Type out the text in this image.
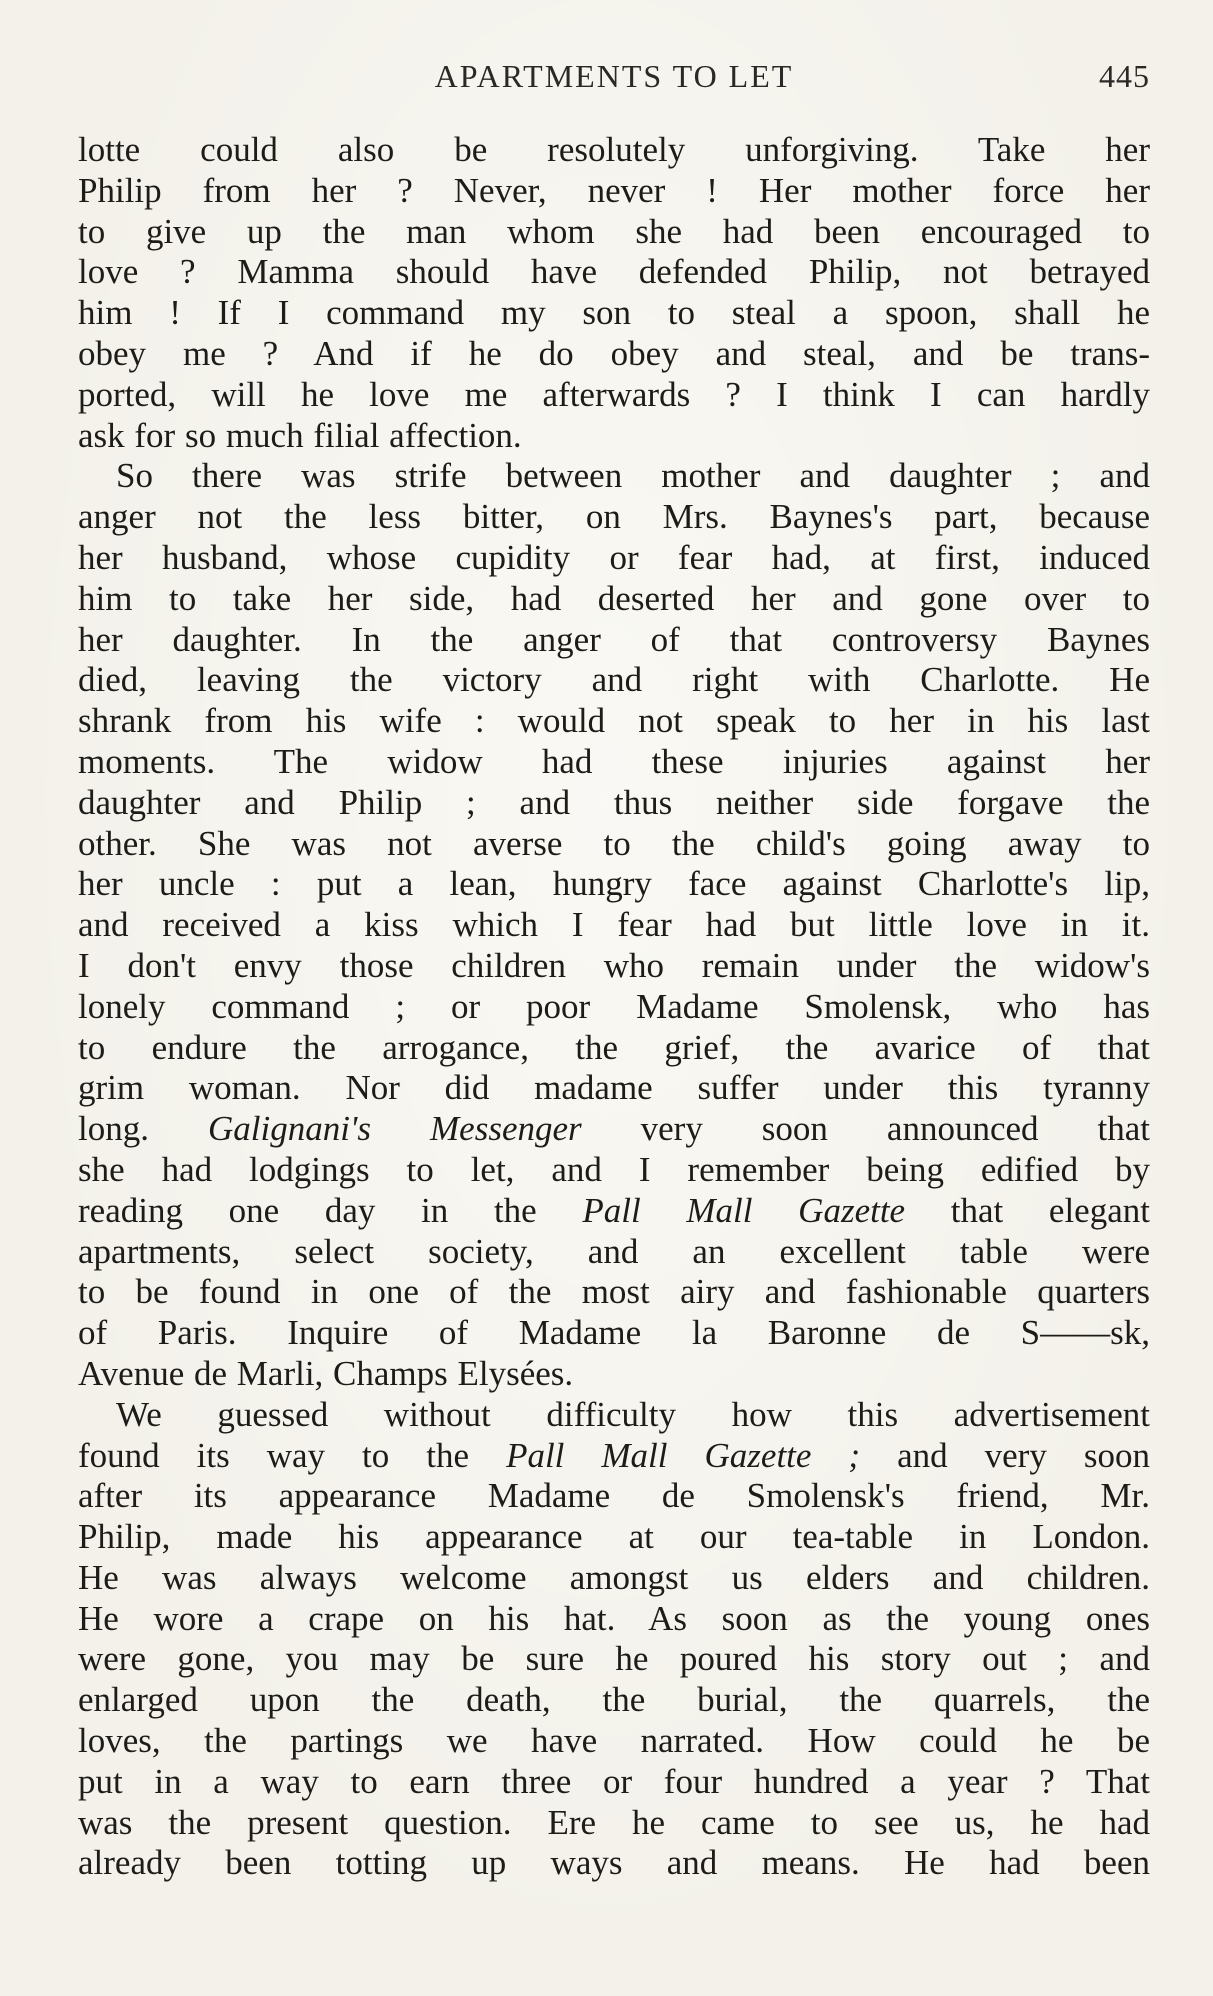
APARTMENTS TO LET	445
lotte could also be resolutely unforgiving. Take her
Philip from her ? Never, never ! Her mother force her
to give up the man whom she had been encouraged to
love ? Mamma should have defended Philip, not betrayed
him ! If I command my son to steal a spoon, shall he
obey me ? And if he do obey and steal, and be trans-
ported, will he love me afterwards ? I think I can hardly
ask for so much filial affection.
So there was strife between mother and daughter ; and
anger not the less bitter, on Mrs. Baynes's part, because
her husband, whose cupidity or fear had, at first, induced
him to take her side, had deserted her and gone over to
her daughter. In the anger of that controversy Baynes
died, leaving the victory and right with Charlotte. He
shrank from his wife : would not speak to her in his last
moments. The widow had these injuries against her
daughter and Philip ; and thus neither side forgave the
other. She was not averse to the child's going away to
her uncle : put a lean, hungry face against Charlotte's lip,
and received a kiss which I fear had but little love in it.
I don't envy those children who remain under the widow's
lonely command ; or poor Madame Smolensk, who has
to endure the arrogance, the grief, the avarice of that
grim woman. Nor did madame suffer under this tyranny
long. Galignani's Messenger very soon announced that
she had lodgings to let, and I remember being edified by
reading one day in the Pall Mall Gazette that elegant
apartments, select society, and an excellent table were
to be found in one of the most airy and fashionable quarters
of Paris. Inquire of Madame la Baronne de S——sk,
Avenue de Marli, Champs Elysées.
We guessed without difficulty how this advertisement
found its way to the Pall Mall Gazette ; and very soon
after its appearance Madame de Smolensk's friend, Mr.
Philip, made his appearance at our tea-table in London.
He was always welcome amongst us elders and children.
He wore a crape on his hat. As soon as the young ones
were gone, you may be sure he poured his story out ; and
enlarged upon the death, the burial, the quarrels, the
loves, the partings we have narrated. How could he be
put in a way to earn three or four hundred a year ? That
was the present question. Ere he came to see us, he had
already been totting up ways and means. He had been
